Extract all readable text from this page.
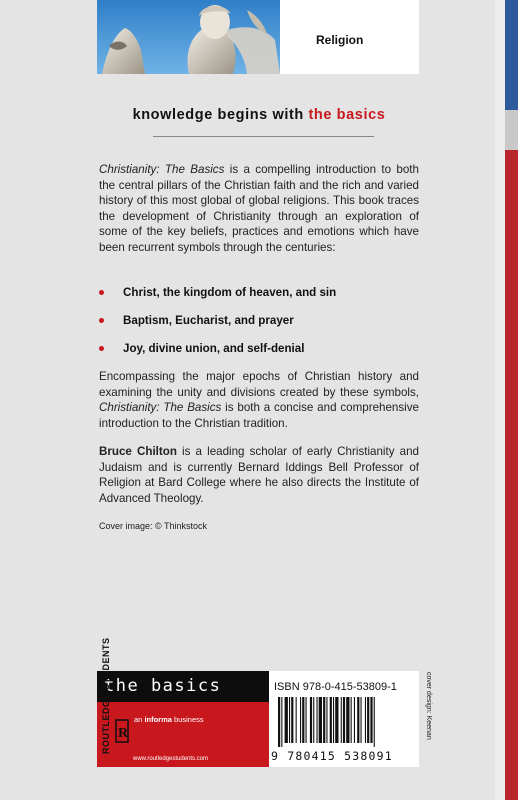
Religion
knowledge begins with the basics
Christianity: The Basics is a compelling introduction to both the central pillars of the Christian faith and the rich and varied history of this most global of global religions. This book traces the development of Christianity through an exploration of some of the key beliefs, practices and emotions which have been recurrent symbols through the centuries:
Christ, the kingdom of heaven, and sin
Baptism, Eucharist, and prayer
Joy, divine union, and self-denial
Encompassing the major epochs of Christian history and examining the unity and divisions created by these symbols, Christianity: The Basics is both a concise and comprehensive introduction to the Christian tradition.
Bruce Chilton is a leading scholar of early Christianity and Judaism and is currently Bernard Iddings Bell Professor of Religion at Bard College where he also directs the Institute of Advanced Theology.
Cover image: © Thinkstock
the basics
ROUTLEDGE STUDENTS R
an informa business
www.routledgestudents.com
ISBN 978-0-415-53809-1
9 780415 538091
cover design: Keenan
